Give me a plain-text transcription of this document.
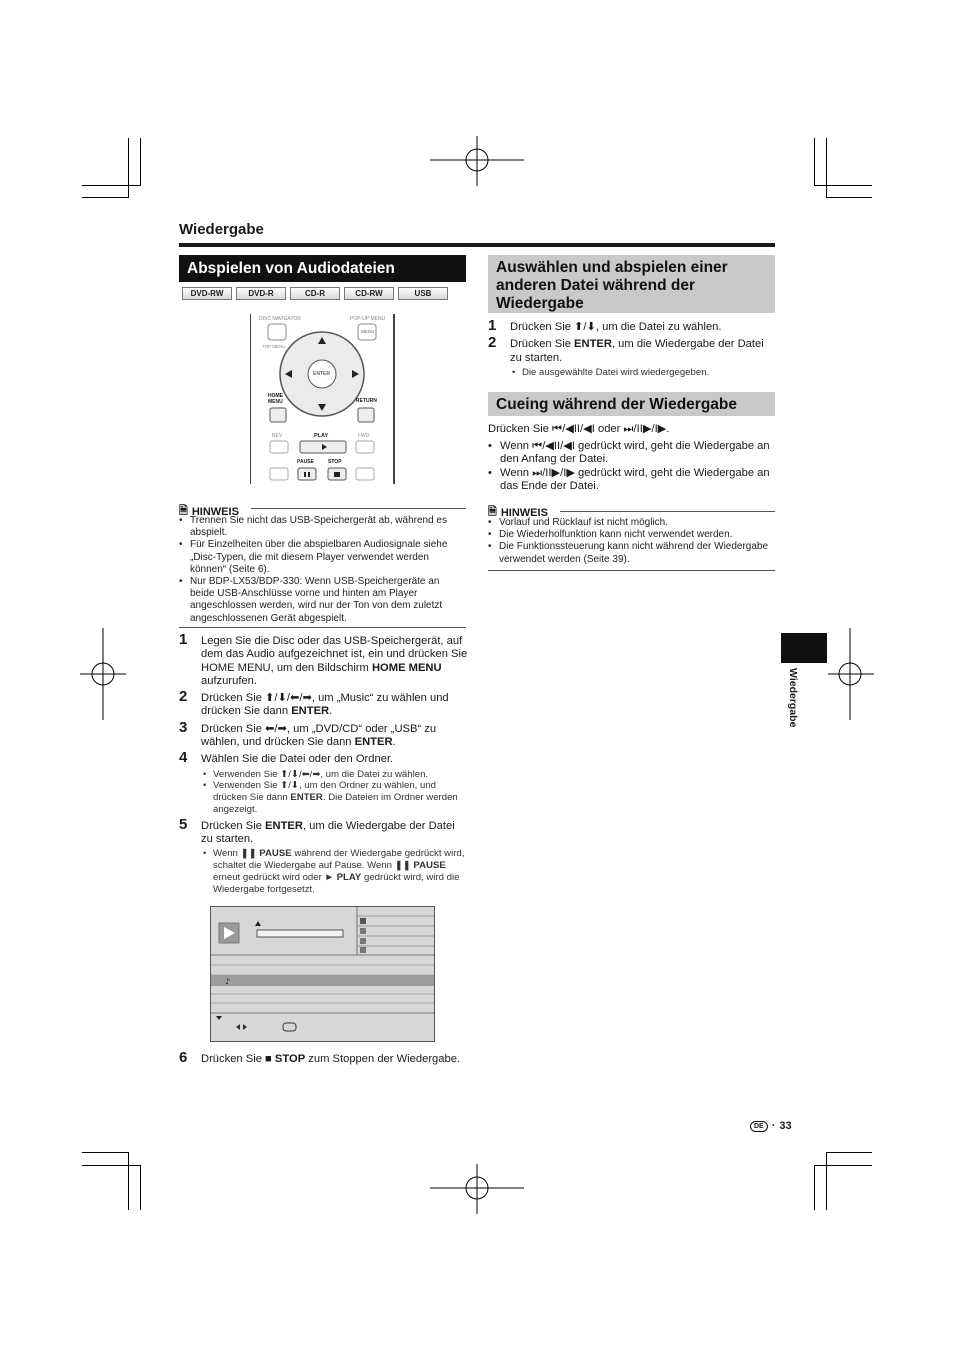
Wiedergabe
Abspielen von Audiodateien
DVD-RW	DVD-R	CD-R	CD-RW	USB
DISC NAVIGATOR	POP-UP MENU
MENU
TOP MENU
ENTER
HOME MENU	RETURN
REV	PLAY	FWD
PAUSE	STOP
🗎 HINWEIS
• Trennen Sie nicht das USB-Speichergerät ab, während es abspielt.
• Für Einzelheiten über die abspielbaren Audiosignale siehe „Disc-Typen, die mit diesem Player verwendet werden können“ (Seite 6).
• Nur BDP-LX53/BDP-330: Wenn USB-Speichergeräte an beide USB-Anschlüsse vorne und hinten am Player angeschlossen werden, wird nur der Ton von dem zuletzt angeschlossenen Gerät abgespielt.
1 Legen Sie die Disc oder das USB-Speichergerät, auf dem das Audio aufgezeichnet ist, ein und drücken Sie HOME MENU, um den Bildschirm HOME MENU aufzurufen.
2 Drücken Sie ⬆/⬇/⬅/➡, um „Music“ zu wählen und drücken Sie dann ENTER.
3 Drücken Sie ⬅/➡, um „DVD/CD“ oder „USB“ zu wählen, und drücken Sie dann ENTER.
4 Wählen Sie die Datei oder den Ordner.
• Verwenden Sie ⬆/⬇/⬅/➡, um die Datei zu wählen.
• Verwenden Sie ⬆/⬇, um den Ordner zu wählen, und drücken Sie dann ENTER. Die Dateien im Ordner werden angezeigt.
5 Drücken Sie ENTER, um die Wiedergabe der Datei zu starten.
• Wenn ❚❚ PAUSE während der Wiedergabe gedrückt wird, schaltet die Wiedergabe auf Pause. Wenn ❚❚ PAUSE erneut gedrückt wird oder ► PLAY gedrückt wird, wird die Wiedergabe fortgesetzt.
♪
6 Drücken Sie ■ STOP zum Stoppen der Wiedergabe.
Auswählen und abspielen einer anderen Datei während der Wiedergabe
1 Drücken Sie ⬆/⬇, um die Datei zu wählen.
2 Drücken Sie ENTER, um die Wiedergabe der Datei zu starten.
• Die ausgewählte Datei wird wiedergegeben.
Cueing während der Wiedergabe
Drücken Sie ⏮/◀II/◀I oder ⏭/II▶/I▶.
• Wenn ⏮/◀II/◀I gedrückt wird, geht die Wiedergabe an den Anfang der Datei.
• Wenn ⏭/II▶/I▶ gedrückt wird, geht die Wiedergabe an das Ende der Datei.
🗎 HINWEIS
• Vorlauf und Rücklauf ist nicht möglich.
• Die Wiederholfunktion kann nicht verwendet werden.
• Die Funktionssteuerung kann nicht während der Wiedergabe verwendet werden (Seite 39).
Wiedergabe
DE · 33
